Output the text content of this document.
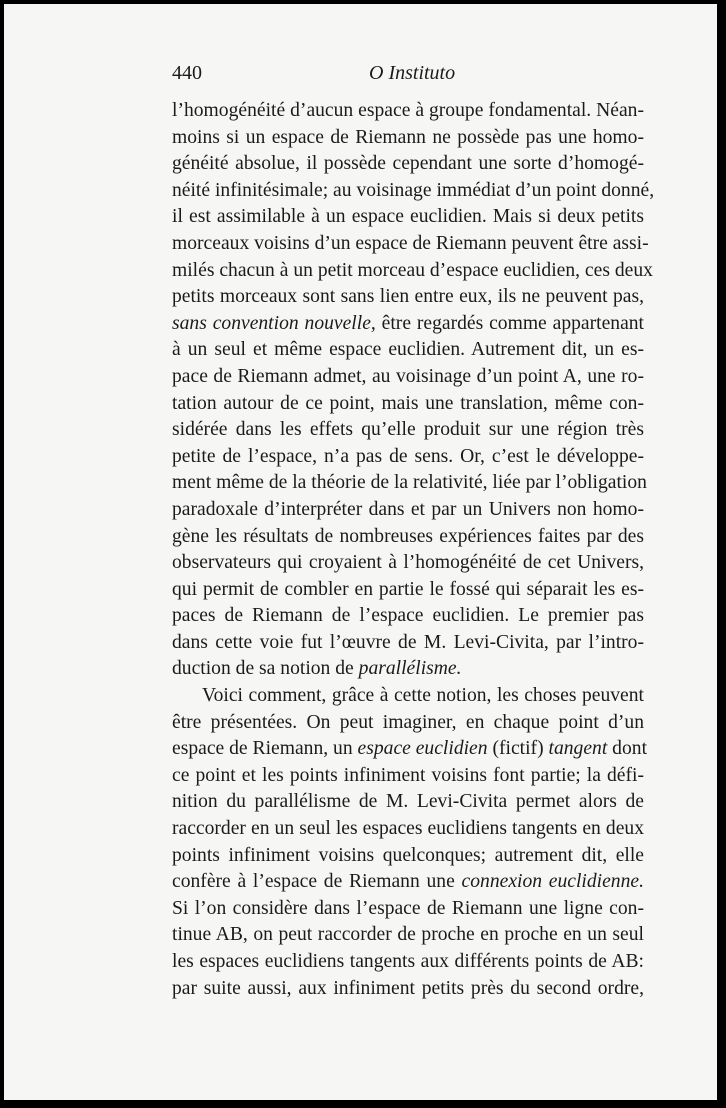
440	O Instituto
l’homogénéité d’aucun espace à groupe fondamental. Néan-
moins si un espace de Riemann ne possède pas une homo-
généité absolue, il possède cependant une sorte d’homogé-
néité infinitésimale; au voisinage immédiat d’un point donné,
il est assimilable à un espace euclidien. Mais si deux petits
morceaux voisins d’un espace de Riemann peuvent être assi-
milés chacun à un petit morceau d’espace euclidien, ces deux
petits morceaux sont sans lien entre eux, ils ne peuvent pas,
sans convention nouvelle, être regardés comme appartenant
à un seul et même espace euclidien. Autrement dit, un es-
pace de Riemann admet, au voisinage d’un point A, une ro-
tation autour de ce point, mais une translation, même con-
sidérée dans les effets qu’elle produit sur une région très
petite de l’espace, n’a pas de sens. Or, c’est le développe-
ment même de la théorie de la relativité, liée par l’obligation
paradoxale d’interpréter dans et par un Univers non homo-
gène les résultats de nombreuses expériences faites par des
observateurs qui croyaient à l’homogénéité de cet Univers,
qui permit de combler en partie le fossé qui séparait les es-
paces de Riemann de l’espace euclidien. Le premier pas
dans cette voie fut l’œuvre de M. Levi-Civita, par l’intro-
duction de sa notion de parallélisme.
Voici comment, grâce à cette notion, les choses peuvent
être présentées. On peut imaginer, en chaque point d’un
espace de Riemann, un espace euclidien (fictif) tangent dont
ce point et les points infiniment voisins font partie; la défi-
nition du parallélisme de M. Levi-Civita permet alors de
raccorder en un seul les espaces euclidiens tangents en deux
points infiniment voisins quelconques; autrement dit, elle
confère à l’espace de Riemann une connexion euclidienne.
Si l’on considère dans l’espace de Riemann une ligne con-
tinue AB, on peut raccorder de proche en proche en un seul
les espaces euclidiens tangents aux différents points de AB:
par suite aussi, aux infiniment petits près du second ordre,
